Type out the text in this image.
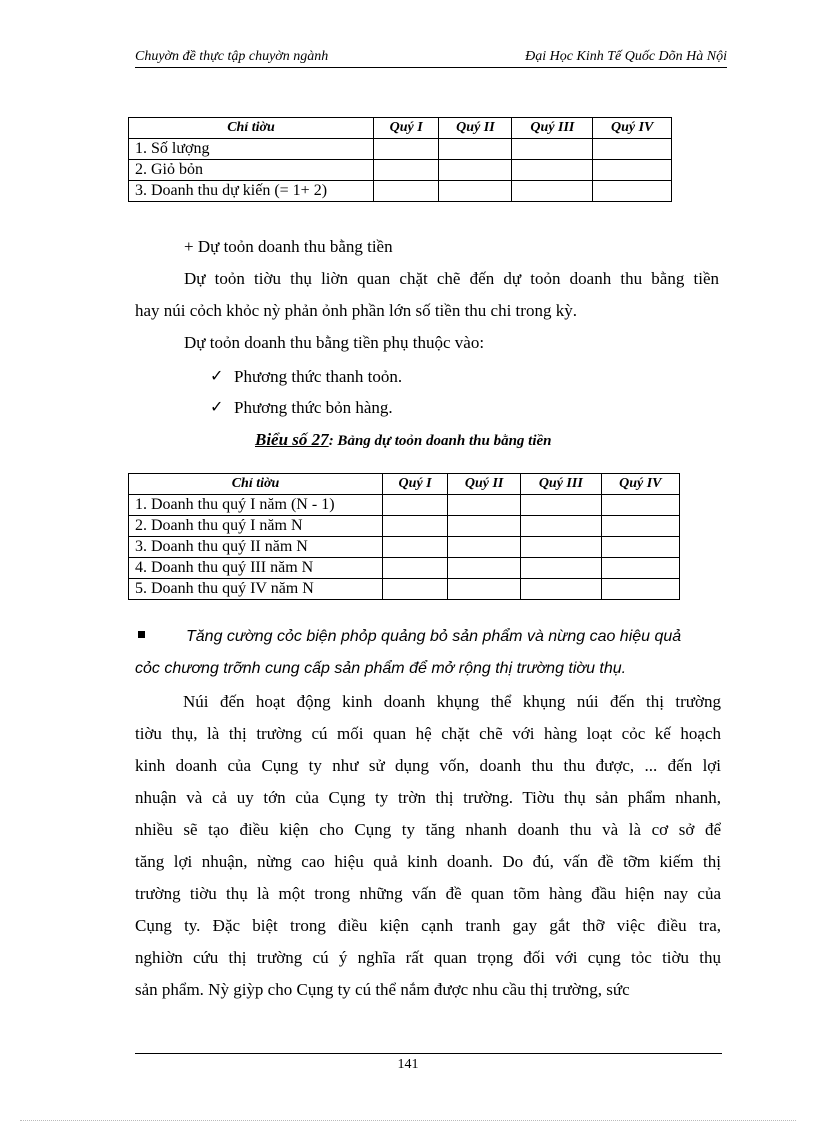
Chuyờn đề thực tập chuyờn ngành	Đại Học Kinh Tế Quốc Dõn Hà Nội
Chỉ tiờu	Quý I	Quý II	Quý III	Quý IV
1. Số lượng				
2. Giỏ bỏn				
3. Doanh thu dự kiến (= 1+ 2)				
+ Dự toỏn doanh thu bằng tiền
Dự toỏn tiờu thụ liờn quan chặt chẽ đến dự toỏn doanh thu bằng tiền
hay núi cỏch khỏc nỳ phản ỏnh phần lớn số tiền thu chi trong kỳ.
Dự toỏn doanh thu bằng tiền phụ thuộc vào:
✓ Phương thức thanh toỏn.
✓ Phương thức bỏn hàng.
Biểu số 27: Bảng dự toỏn doanh thu bằng tiền
Chỉ tiờu	Quý I	Quý II	Quý III	Quý IV
1. Doanh thu quý I năm (N - 1)				
2. Doanh thu quý I năm N				
3. Doanh thu quý II năm N				
4. Doanh thu quý III năm N				
5. Doanh thu quý IV năm N				
Tăng cường cỏc biện phỏp quảng bỏ sản phẩm và nừng cao hiệu quả
cỏc chương trỡnh cung cấp sản phẩm để mở rộng thị trường tiờu thụ.
Núi đến hoạt động kinh doanh khụng thể khụng núi đến thị trường
tiờu thụ, là thị trường cú mối quan hệ chặt chẽ với hàng loạt cỏc kế hoạch
kinh doanh của Cụng ty như sử dụng vốn, doanh thu thu được, ... đến lợi
nhuận và cả uy tớn của Cụng ty trờn thị trường. Tiờu thụ sản phẩm nhanh,
nhiều sẽ tạo điều kiện cho Cụng ty tăng nhanh doanh thu và là cơ sở để
tăng lợi nhuận, nừng cao hiệu quả kinh doanh. Do đú, vấn đề tỡm kiếm thị
trường tiờu thụ là một trong những vấn đề quan tõm hàng đầu hiện nay của
Cụng ty. Đặc biệt trong điều kiện cạnh tranh gay gắt thỡ việc điều tra,
nghiờn cứu thị trường cú ý nghĩa rất quan trọng đối với cụng tỏc tiờu thụ
sản phẩm. Nỳ giỳp cho Cụng ty cú thể nắm được nhu cầu thị trường, sức
141
